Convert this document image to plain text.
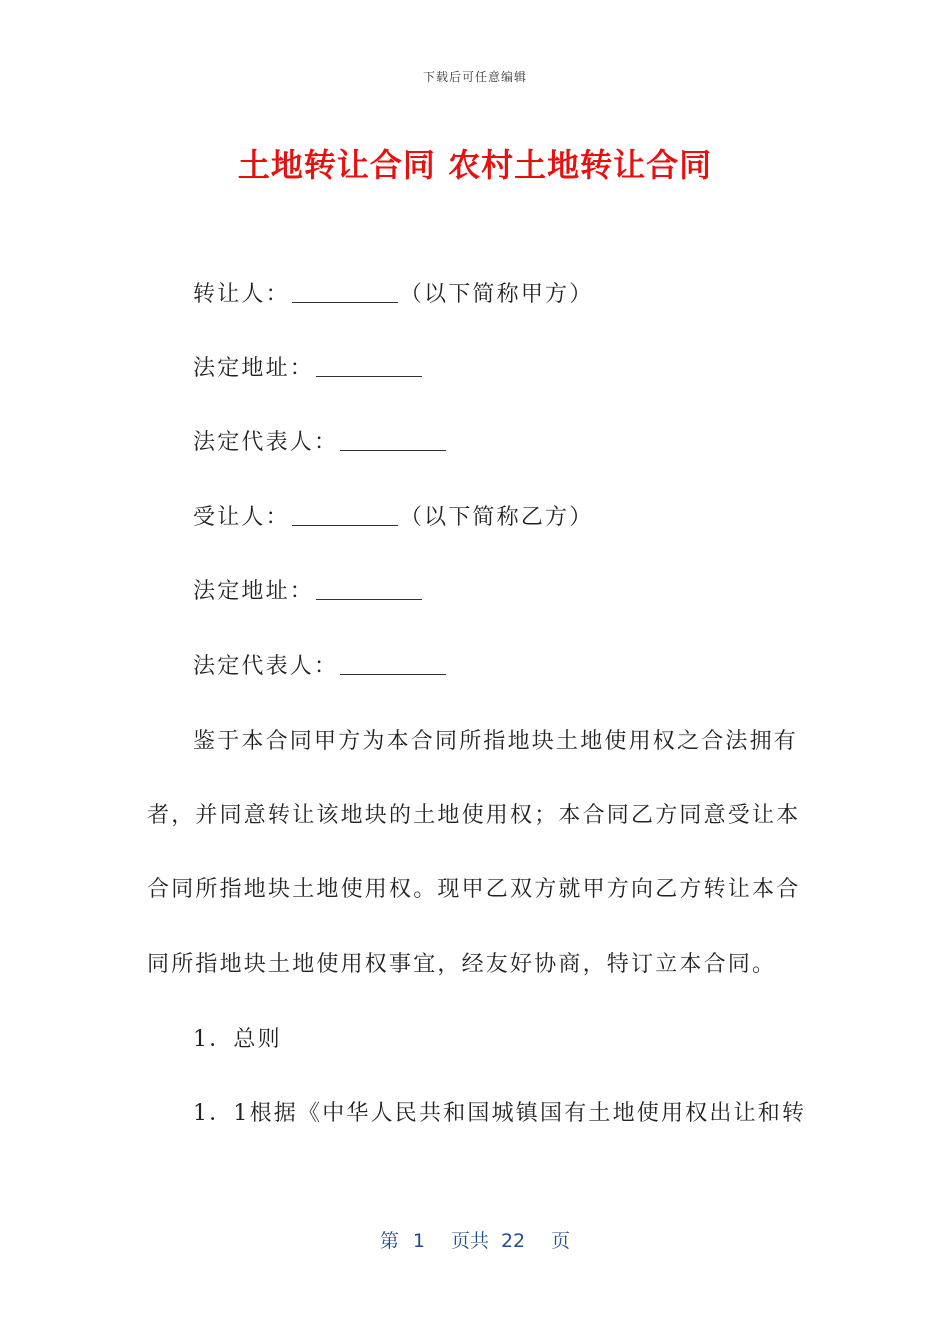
下载后可任意编辑
土地转让合同 农村土地转让合同
转让人：	（以下简称甲方）
法定地址：
法定代表人：
受让人：	（以下简称乙方）
法定地址：
法定代表人：
鉴于本合同甲方为本合同所指地块土地使用权之合法拥有
者，并同意转让该地块的土地使用权；本合同乙方同意受让本
合同所指地块土地使用权。现甲乙双方就甲方向乙方转让本合
同所指地块土地使用权事宜，经友好协商，特订立本合同。
1．总则
1．1根据《中华人民共和国城镇国有土地使用权出让和转
第 1 页共 22 页
